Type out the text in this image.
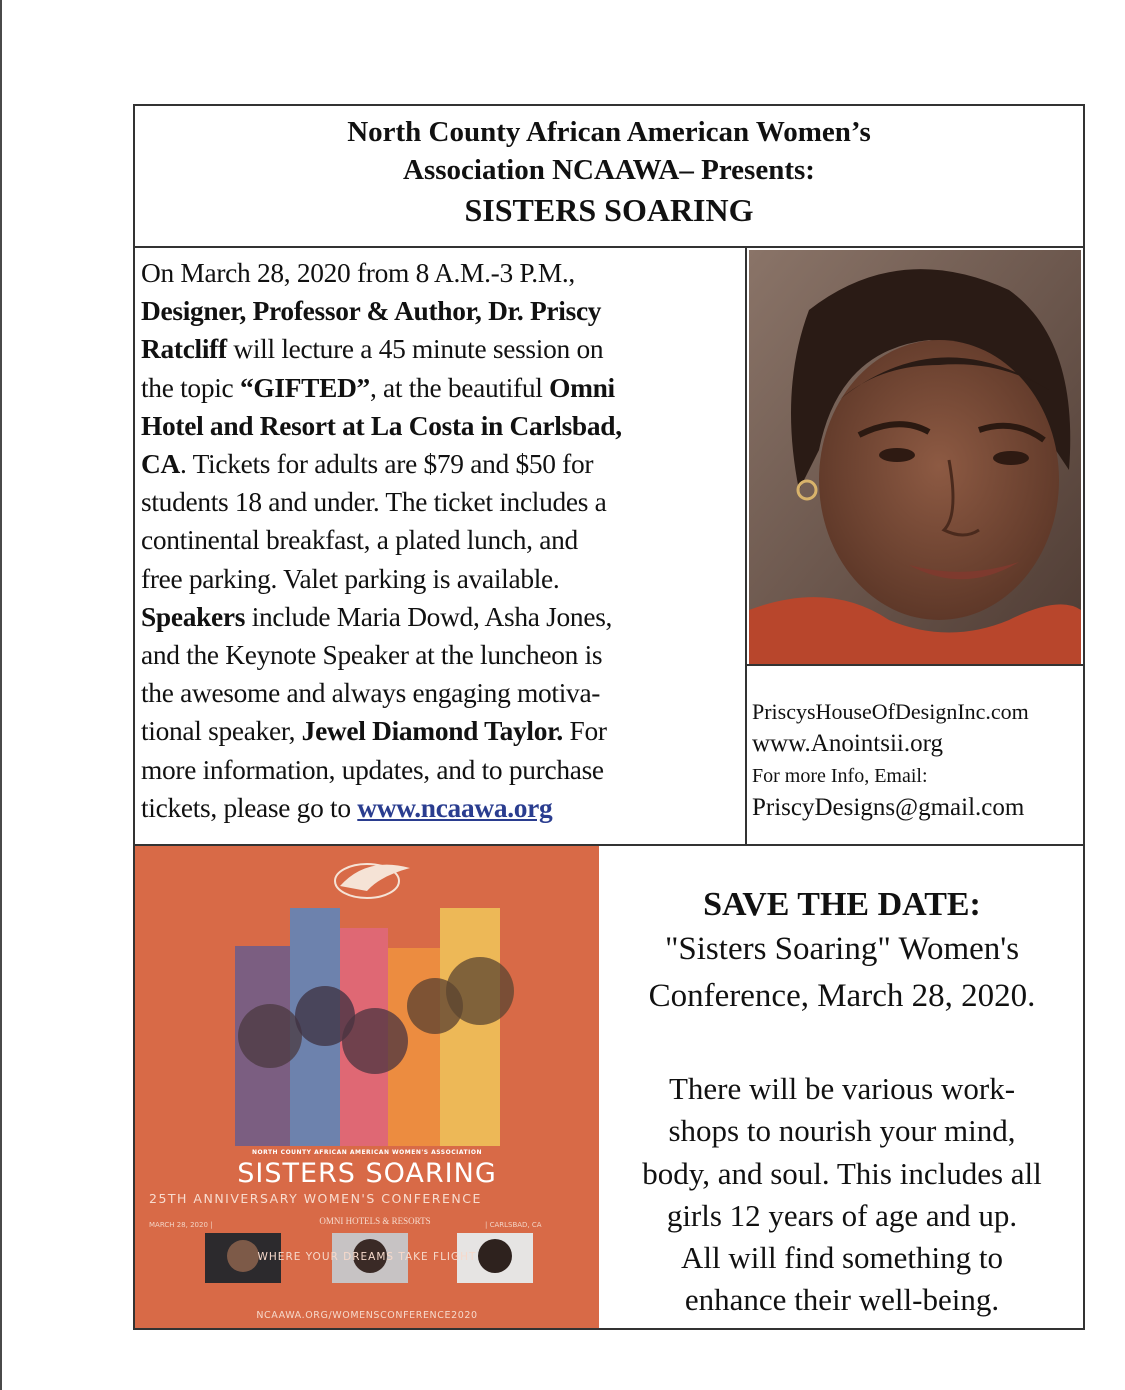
North County African American Women’s
Association NCAAWA– Presents:
SISTERS SOARING
On March 28, 2020 from 8 A.M.-3 P.M.,
Designer, Professor & Author, Dr. Priscy
Ratcliff will lecture a 45 minute session on
the topic “GIFTED”, at the beautiful Omni
Hotel and Resort at La Costa in Carlsbad,
CA. Tickets for adults are $79 and $50 for
students 18 and under. The ticket includes a
continental breakfast, a plated lunch, and
free parking. Valet parking is available.
Speakers include Maria Dowd, Asha Jones,
and the Keynote Speaker at the luncheon is
the awesome and always engaging motiva-
tional speaker, Jewel Diamond Taylor. For
more information, updates, and to purchase
tickets, please go to www.ncaawa.org
PriscysHouseOfDesignInc.com
www.Anointsii.org
For more Info, Email:
PriscyDesigns@gmail.com
NORTH COUNTY AFRICAN AMERICAN WOMEN'S ASSOCIATION
SISTERS SOARING
25TH ANNIVERSARY WOMEN'S CONFERENCE
MARCH 28, 2020 |	OMNI HOTELS & RESORTS	| CARLSBAD, CA
WHERE YOUR DREAMS TAKE FLIGHT
NCAAWA.ORG/WOMENSCONFERENCE2020
SAVE THE DATE:
"Sisters Soaring" Women's
Conference, March 28, 2020.
There will be various work-
shops to nourish your mind,
body, and soul. This includes all
girls 12 years of age and up.
All will find something to
enhance their well-being.
